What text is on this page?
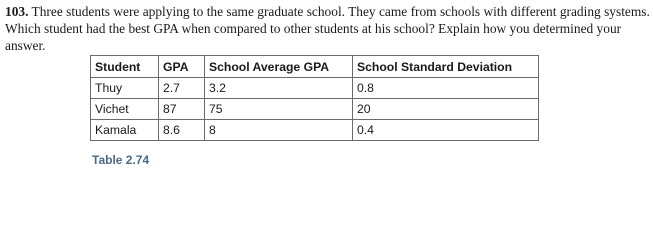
103. Three students were applying to the same graduate school. They came from schools with different grading systems. Which student had the best GPA when compared to other students at his school? Explain how you determined your answer.

Student	GPA	School Average GPA	School Standard Deviation
Thuy	2.7	3.2	0.8
Vichet	87	75	20
Kamala	8.6	8	0.4
Table 2.74
